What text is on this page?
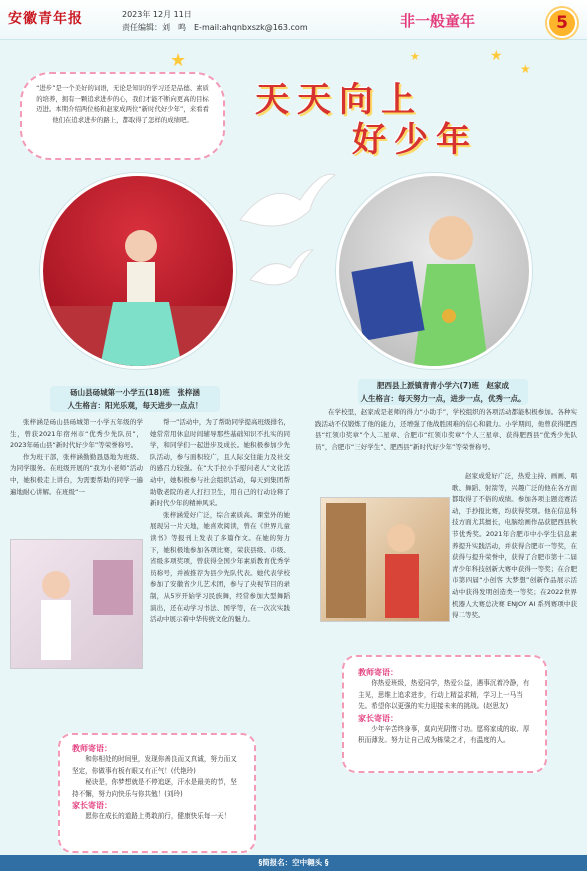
安徽青年报	2023年 12月 11日
责任编辑：刘　鸣　E-mail:ahqnbxszk@163.com	非一般童年	5
★	★
★
★
“进步”是一个美好的词语，无论是知识的学习还是品德、素质的培养，拥有一颗追求进步的心，我们才能不断向更高的目标迈进。本期介绍两位杨和赵家成两位“新时代好少年”，来看看他们在追求进步的路上，都取得了怎样的成绩吧。	天天向上
好少年
砀山县砀城第一小学五(18)班　张梓涵
人生格言：阳光乐观，每天进步一点点！
肥西县上派镇青青小学六(7)班　赵家成
人生格言：每天努力一点，进步一点，优秀一点。

张梓涵是砀山县砀城第一小学五年级的学生，曾获2021年宿州市“优秀少先队员”，2023年砀山县“新时代好少年”等荣誉称号。

作为班干部，张梓涵勤勤恳恳地为班级、为同学服务。在班级开展的“我为小老师”活动中，她积极走上讲台，为需要帮助的同学一遍遍地耐心讲解。在班级“一

帮一”活动中，为了帮助同学提高班级排名，她常常用休息时间辅导那些基础知识不扎实的同学，和同学们一起进步及成长。她积极参加少先队活动，参与面积较广，且人际交往能力及社交的感召力较强。在“大手拉小手慰问老人”文化活动中，她积极参与社会组织活动，每天到集团帮助敬老院的老人打扫卫生，用自己的行动诠释了新时代少年的精神风采。

张梓涵爱好广泛，综合素质高。课堂外的她展现另一片天地，她喜欢阅读，曾在《世界儿童 读书》等报刊上发表了多篇作文。在她的努力下，她积极地参加各项比赛，荣获县级、市级、省级多项奖项，曾获得全国少年素质教育优秀学员称号，并被推荐为县少先队代表。她代表学校参加了安徽省少儿艺术团，参与了央视节目的录制，从5岁开始学习民族舞，经常参加大型舞蹈演出，还在动学习书法、国学等，在一次次实践活动中展示着中华传统文化的魅力。

在学校里，赵家成是老师的得力“小助手”，学校组织的各项活动都能积极参加。各种实践活动不仅锻炼了他的能力，还增强了他战胜困难的信心和毅力。小学期间，他曾获得肥西县“红领巾奖章”个人二星章、合肥市“红领巾奖章”个人三星章、获得肥西县“优秀少先队员”，合肥市“三好学生”、肥西县“新时代好少年”等荣誉称号。

赵家成爱好广泛，热爱主持、画画、唱歌、舞蹈、射箭等，兴趣广泛的他在各方面都取得了不俗的成绩。参加各项主题竞赛活动，手抄报比赛，均获得奖项。他在信息科技方面尤其擅长，电脑绘画作品获肥西县秋节优秀奖。2021年合肥市中小学生信息素养提升实践活动，并获得合肥市一等奖，在获得与提升荣誉中，获得了合肥市第十二届青少年科技创新大赛中获得一等奖；在合肥市第四届“小创客 大梦想”创新作品展示活动中获得发明创造类一等奖；在2022世界机器人大赛总决赛 ENJOY AI 系列赛项中获得二等奖。

教师寄语：
你热爱班级，热爱同学，热爱公益，遇事沉着冷静，有主见，思维上追求进步，行动上精益求精，学习上一马当先。希望你以更强的实力迎接未来的挑战。(赵思友)
家长寄语：
少年辛苦终身事，莫向光阴惰寸功。愿将家成的取、厚积而薄发。努力让自己成为栋梁之才，有温度的人。
教师寄语：
和你相处的时间里，发现你善良而又真诚，努力而又坚定，你做事有板有眼又有正气！(代艳玲)
秘诀是，你梦想就是不停追逐，汗水是最美的节，坚持不懈，努力向快乐与你共勉！(刘玲)
家长寄语：
愿你在成长的道路上勇敢前行，健康快乐每一天！
§简报名：空中翱头 §
